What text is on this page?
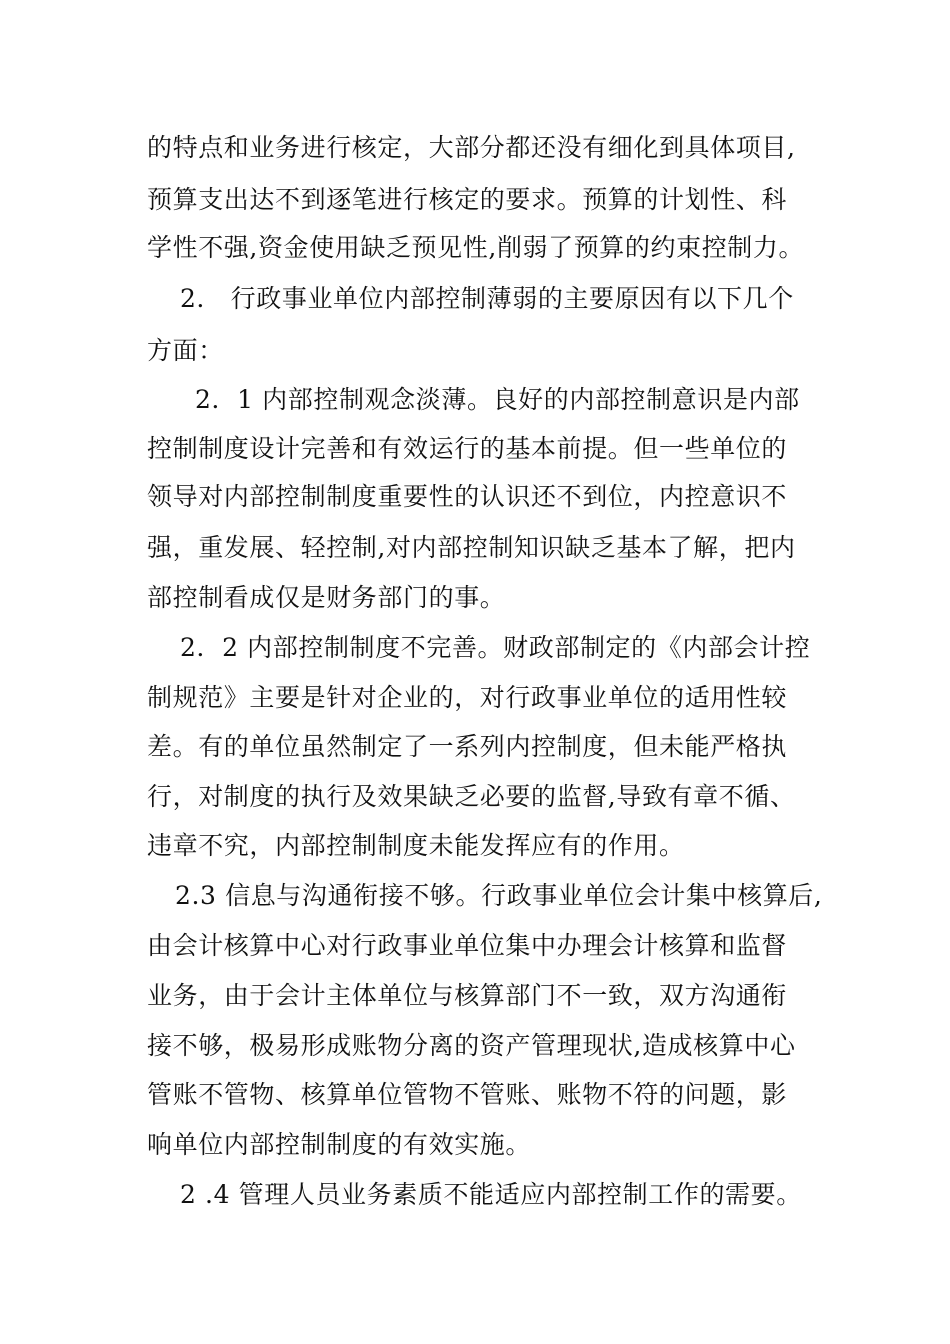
的特点和业务进行核定，大部分都还没有细化到具体项目,
预算支出达不到逐笔进行核定的要求。预算的计划性、科
学性不强,资金使用缺乏预见性,削弱了预算的约束控制力。
2． 行政事业单位内部控制薄弱的主要原因有以下几个
方面：
2．1 内部控制观念淡薄。良好的内部控制意识是内部
控制制度设计完善和有效运行的基本前提。但一些单位的
领导对内部控制制度重要性的认识还不到位，内控意识不
强，重发展、轻控制,对内部控制知识缺乏基本了解，把内
部控制看成仅是财务部门的事。
2．2 内部控制制度不完善。财政部制定的《内部会计控
制规范》主要是针对企业的，对行政事业单位的适用性较
差。有的单位虽然制定了一系列内控制度，但未能严格执
行，对制度的执行及效果缺乏必要的监督,导致有章不循、
违章不究，内部控制制度未能发挥应有的作用。
2.3 信息与沟通衔接不够。行政事业单位会计集中核算后,
由会计核算中心对行政事业单位集中办理会计核算和监督
业务，由于会计主体单位与核算部门不一致，双方沟通衔
接不够，极易形成账物分离的资产管理现状,造成核算中心
管账不管物、核算单位管物不管账、账物不符的问题，影
响单位内部控制制度的有效实施。
2 .4 管理人员业务素质不能适应内部控制工作的需要。
